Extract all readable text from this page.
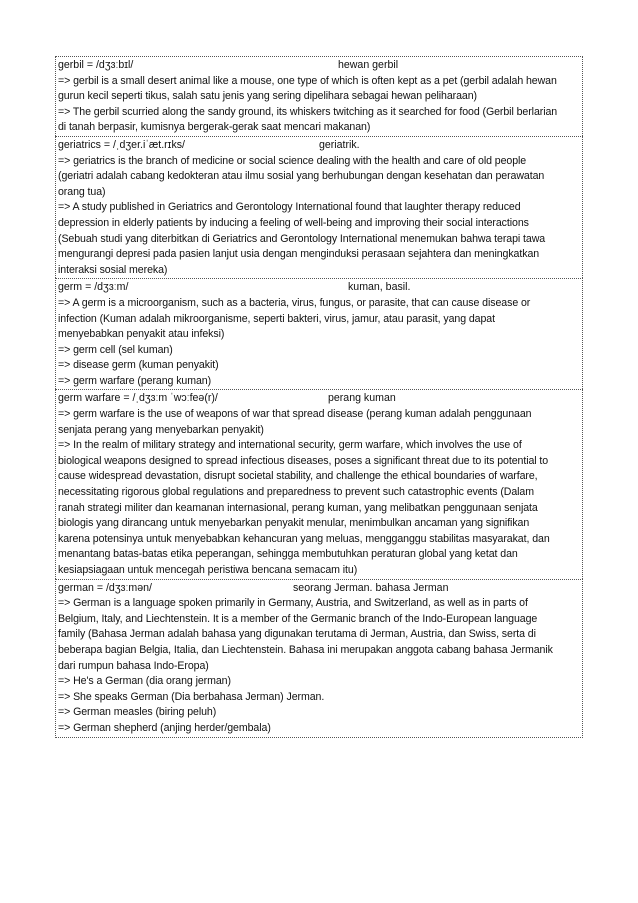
gerbil = /dʒɜːbɪl/	hewan gerbil
=> gerbil is a small desert animal like a mouse, one type of which is often kept as a pet (gerbil adalah hewan
gurun kecil seperti tikus, salah satu jenis yang sering dipelihara sebagai hewan peliharaan)
=> The gerbil scurried along the sandy ground, its whiskers twitching as it searched for food (Gerbil berlarian
di tanah berpasir, kumisnya bergerak-gerak saat mencari makanan)
geriatrics = /ˌdʒer.iˈæt.rɪks/	geriatrik.
=> geriatrics is the branch of medicine or social science dealing with the health and care of old people
(geriatri adalah cabang kedokteran atau ilmu sosial yang berhubungan dengan kesehatan dan perawatan
orang tua)
=> A study published in Geriatrics and Gerontology International found that laughter therapy reduced
depression in elderly patients by inducing a feeling of well-being and improving their social interactions
(Sebuah studi yang diterbitkan di Geriatrics and Gerontology International menemukan bahwa terapi tawa
mengurangi depresi pada pasien lanjut usia dengan menginduksi perasaan sejahtera dan meningkatkan
interaksi sosial mereka)
germ = /dʒɜːm/	kuman, basil.
=> A germ is a microorganism, such as a bacteria, virus, fungus, or parasite, that can cause disease or
infection (Kuman adalah mikroorganisme, seperti bakteri, virus, jamur, atau parasit, yang dapat
menyebabkan penyakit atau infeksi)
=> germ cell (sel kuman)
=> disease germ (kuman penyakit)
=> germ warfare (perang kuman)
germ warfare = /ˌdʒɜːm ˈwɔːfeə(r)/	perang kuman
=> germ warfare is the use of weapons of war that spread disease (perang kuman adalah penggunaan
senjata perang yang menyebarkan penyakit)
=> In the realm of military strategy and international security, germ warfare, which involves the use of
biological weapons designed to spread infectious diseases, poses a significant threat due to its potential to
cause widespread devastation, disrupt societal stability, and challenge the ethical boundaries of warfare,
necessitating rigorous global regulations and preparedness to prevent such catastrophic events (Dalam
ranah strategi militer dan keamanan internasional, perang kuman, yang melibatkan penggunaan senjata
biologis yang dirancang untuk menyebarkan penyakit menular, menimbulkan ancaman yang signifikan
karena potensinya untuk menyebabkan kehancuran yang meluas, mengganggu stabilitas masyarakat, dan
menantang batas-batas etika peperangan, sehingga membutuhkan peraturan global yang ketat dan
kesiapsiagaan untuk mencegah peristiwa bencana semacam itu)
german = /dʒɜːmən/	seorang Jerman. bahasa Jerman
=> German is a language spoken primarily in Germany, Austria, and Switzerland, as well as in parts of
Belgium, Italy, and Liechtenstein. It is a member of the Germanic branch of the Indo-European language
family (Bahasa Jerman adalah bahasa yang digunakan terutama di Jerman, Austria, dan Swiss, serta di
beberapa bagian Belgia, Italia, dan Liechtenstein. Bahasa ini merupakan anggota cabang bahasa Jermanik
dari rumpun bahasa Indo-Eropa)
=> He's a German (dia orang jerman)
=> She speaks German (Dia berbahasa Jerman) Jerman.
=> German measles (biring peluh)
=> German shepherd (anjing herder/gembala)
